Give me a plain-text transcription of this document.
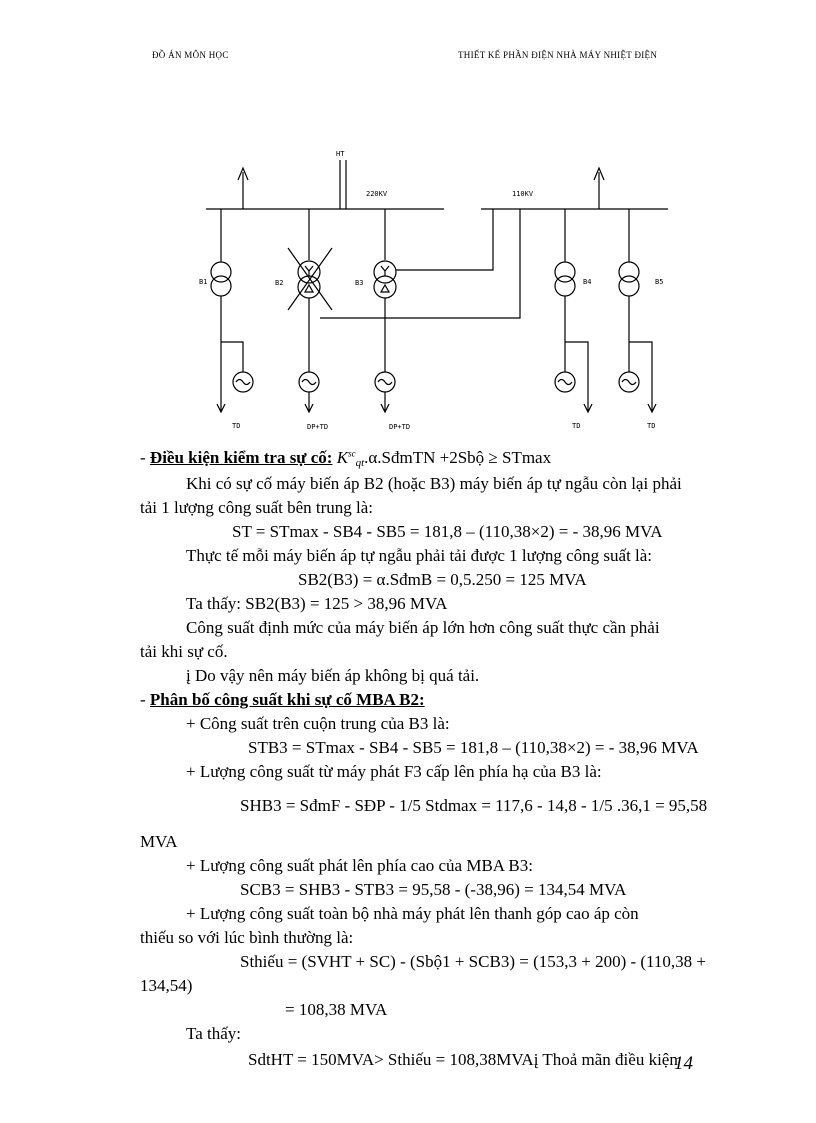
ĐỒ ÁN MÔN HỌC	THIẾT KẾ PHẦN ĐIỆN NHÀ MÁY NHIỆT ĐIỆN
HT
220KV	110KV
B1	B2	B3	B4	B5
TD	DP+TD	DP+TD	TD	TD
- Điều kiện kiểm tra sự cố: $K^{sc}_{qt}.\alpha.SđmTN$ +2Sbộ ≥ STmax
Khi có sự cố máy biến áp B2 (hoặc B3) máy biến áp tự ngẫu còn lại phải
tải 1 lượng công suất bên trung là:
ST = STmax - SB4 - SB5 = 181,8 – (110,38×2) = - 38,96 MVA
Thực tế mỗi máy biến áp tự ngẫu phải tải được 1 lượng công suất là:
SB2(B3) = α.SđmB = 0,5.250 = 125 MVA
Ta thấy: SB2(B3) = 125 > 38,96 MVA
Công suất định mức của máy biến áp lớn hơn công suất thực cần phải
tải khi sự cố.
į Do vậy nên máy biến áp không bị quá tải.
- Phân bố công suất khi sự cố MBA B2:
+ Công suất trên cuộn trung của B3 là:
STB3 = STmax - SB4 - SB5 = 181,8 – (110,38×2) = - 38,96 MVA
+ Lượng công suất từ máy phát F3 cấp lên phía hạ của B3 là:
SHB3 = SđmF - SĐP - 1/5 Stdmax = 117,6 - 14,8 - 1/5 .36,1 = 95,58
MVA
+ Lượng công suất phát lên phía cao của MBA B3:
SCB3 = SHB3 - STB3 = 95,58 - (-38,96) = 134,54 MVA
+ Lượng công suất toàn bộ nhà máy phát lên thanh góp cao áp còn
thiếu so với lúc bình thường là:
Sthiếu = (SVHT + SC) - (Sbộ1 + SCB3) = (153,3 + 200) - (110,38 +
134,54)
= 108,38 MVA
Ta thấy:
SdtHT = 150MVA> Sthiếu = 108,38MVAį Thoả mãn điều kiện
14
